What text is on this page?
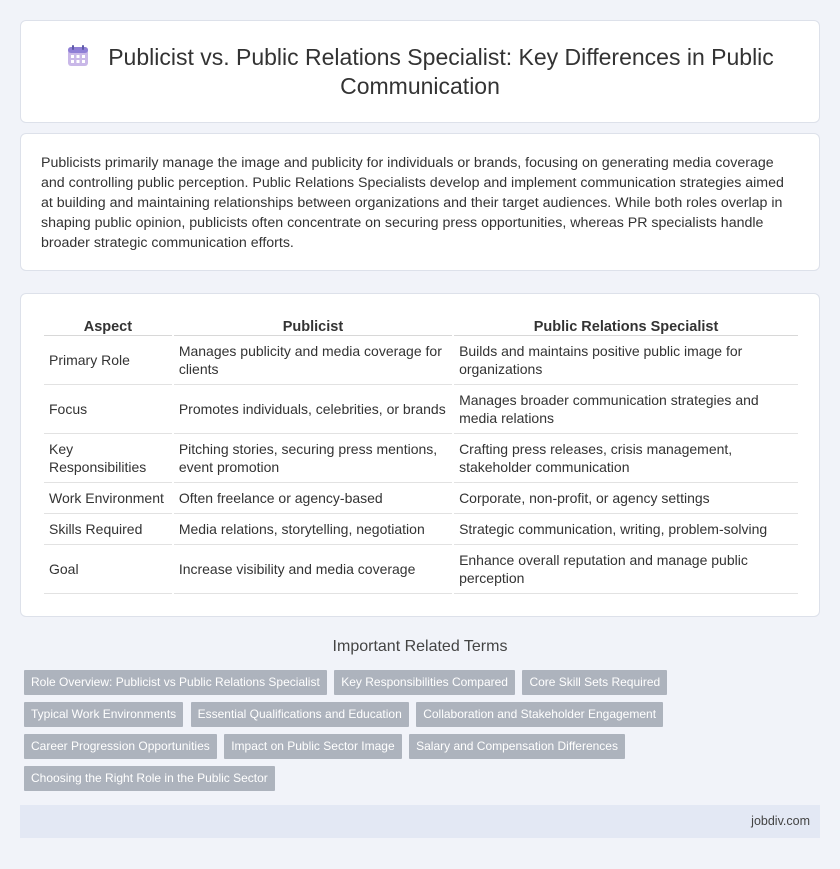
Publicist vs. Public Relations Specialist: Key Differences in Public Communication

Publicists primarily manage the image and publicity for individuals or brands, focusing on generating media coverage and controlling public perception. Public Relations Specialists develop and implement communication strategies aimed at building and maintaining relationships between organizations and their target audiences. While both roles overlap in shaping public opinion, publicists often concentrate on securing press opportunities, whereas PR specialists handle broader strategic communication efforts.

Aspect	Publicist	Public Relations Specialist
Primary Role	Manages publicity and media coverage for clients	Builds and maintains positive public image for organizations
Focus	Promotes individuals, celebrities, or brands	Manages broader communication strategies and media relations
Key Responsibilities	Pitching stories, securing press mentions, event promotion	Crafting press releases, crisis management, stakeholder communication
Work Environment	Often freelance or agency-based	Corporate, non-profit, or agency settings
Skills Required	Media relations, storytelling, negotiation	Strategic communication, writing, problem-solving
Goal	Increase visibility and media coverage	Enhance overall reputation and manage public perception
Important Related Terms
Role Overview: Publicist vs Public Relations Specialist Key Responsibilities Compared Core Skill Sets Required
Typical Work Environments Essential Qualifications and Education Collaboration and Stakeholder Engagement
Career Progression Opportunities Impact on Public Sector Image Salary and Compensation Differences
Choosing the Right Role in the Public Sector
jobdiv.com
